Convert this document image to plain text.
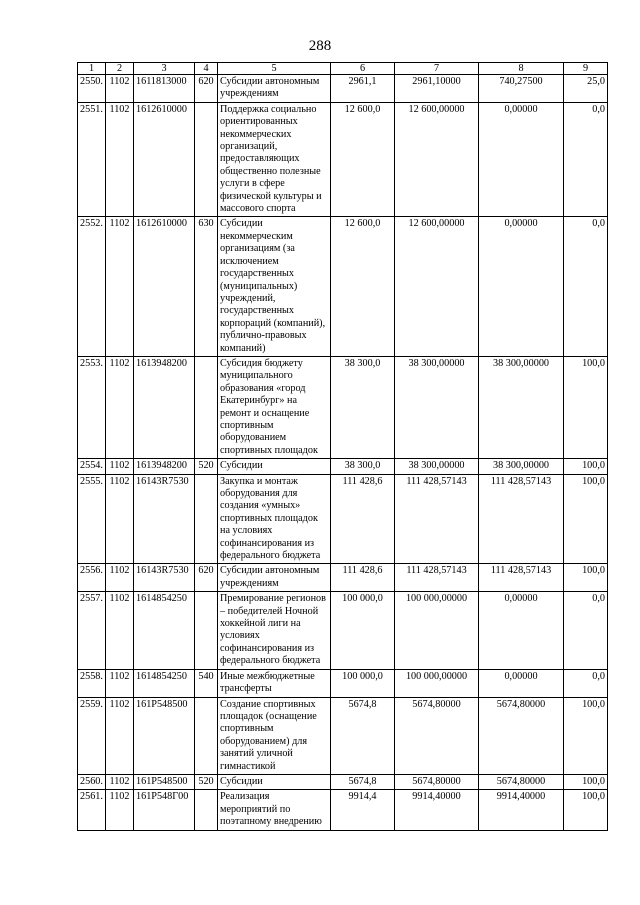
288
1	2	3	4	5	6	7	8	9
2550.	1102	1611813000	620	Субсидии автономным учреждениям	2961,1	2961,10000	740,27500	25,0
2551.	1102	1612610000		Поддержка социально ориентированных некоммерческих организаций, предоставляющих общественно полезные услуги в сфере физической культуры и массового спорта	12 600,0	12 600,00000	0,00000	0,0
2552.	1102	1612610000	630	Субсидии некоммерческим организациям (за исключением государственных (муниципальных) учреждений, государственных корпораций (компаний), публично-правовых компаний)	12 600,0	12 600,00000	0,00000	0,0
2553.	1102	1613948200		Субсидия бюджету муниципального образования «город Екатеринбург» на ремонт и оснащение спортивным оборудованием спортивных площадок	38 300,0	38 300,00000	38 300,00000	100,0
2554.	1102	1613948200	520	Субсидии	38 300,0	38 300,00000	38 300,00000	100,0
2555.	1102	16143R7530		Закупка и монтаж оборудования для создания «умных» спортивных площадок на условиях софинансирования из федерального бюджета	111 428,6	111 428,57143	111 428,57143	100,0
2556.	1102	16143R7530	620	Субсидии автономным учреждениям	111 428,6	111 428,57143	111 428,57143	100,0
2557.	1102	1614854250		Премирование регионов – победителей Ночной хоккейной лиги на условиях софинансирования из федерального бюджета	100 000,0	100 000,00000	0,00000	0,0
2558.	1102	1614854250	540	Иные межбюджетные трансферты	100 000,0	100 000,00000	0,00000	0,0
2559.	1102	161P548500		Создание спортивных площадок (оснащение спортивным оборудованием) для занятий уличной гимнастикой	5674,8	5674,80000	5674,80000	100,0
2560.	1102	161P548500	520	Субсидии	5674,8	5674,80000	5674,80000	100,0
2561.	1102	161P548Г00		Реализация мероприятий по поэтапному внедрению	9914,4	9914,40000	9914,40000	100,0
